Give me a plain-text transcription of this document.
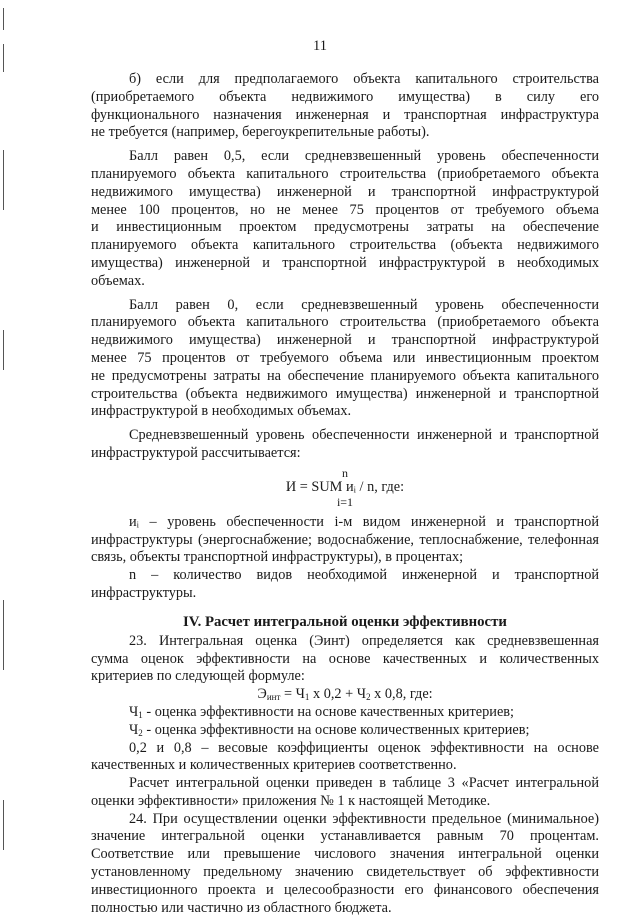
11

б) если для предполагаемого объекта капитального строительства

(приобретаемого объекта недвижимого имущества) в силу его

функционального назначения инженерная и транспортная инфраструктура

не требуется (например, берегоукрепительные работы).

Балл равен 0,5, если средневзвешенный уровень обеспеченности

планируемого объекта капитального строительства (приобретаемого объекта

недвижимого имущества) инженерной и транспортной инфраструктурой

менее 100 процентов, но не менее 75 процентов от требуемого объема

и инвестиционным проектом предусмотрены затраты на обеспечение

планируемого объекта капитального строительства (объекта недвижимого

имущества) инженерной и транспортной инфраструктурой в необходимых

объемах.

Балл равен 0, если средневзвешенный уровень обеспеченности

планируемого объекта капитального строительства (приобретаемого объекта

недвижимого имущества) инженерной и транспортной инфраструктурой

менее 75 процентов от требуемого объема или инвестиционным проектом

не предусмотрены затраты на обеспечение планируемого объекта капитального

строительства (объекта недвижимого имущества) инженерной и транспортной

инфраструктурой в необходимых объемах.

Средневзвешенный уровень обеспеченности инженерной и транспортной

инфраструктурой рассчитывается:

n
И = SUM иᵢ / n, где:
i=1

иᵢ – уровень обеспеченности i-м видом инженерной и транспортной

инфраструктуры (энергоснабжение; водоснабжение, теплоснабжение, телефонная

связь, объекты транспортной инфраструктуры), в процентах;

n – количество видов необходимой инженерной и транспортной

инфраструктуры.

IV. Расчет интегральной оценки эффективности

23. Интегральная оценка (Эинт) определяется как средневзвешенная

сумма оценок эффективности на основе качественных и количественных

критериев по следующей формуле:

$Э_{инт} = Ч_1$ х $0,2 + Ч_2$ х 0,8, где:

$Ч_1$ - оценка эффективности на основе качественных критериев;

$Ч_2$ - оценка эффективности на основе количественных критериев;

0,2 и 0,8 – весовые коэффициенты оценок эффективности на основе

качественных и количественных критериев соответственно.

Расчет интегральной оценки приведен в таблице 3 «Расчет интегральной

оценки эффективности» приложения № 1 к настоящей Методике.

24. При осуществлении оценки эффективности предельное (минимальное)

значение интегральной оценки устанавливается равным 70 процентам.

Соответствие или превышение числового значения интегральной оценки

установленному предельному значению свидетельствует об эффективности

инвестиционного проекта и целесообразности его финансового обеспечения

полностью или частично из областного бюджета.
